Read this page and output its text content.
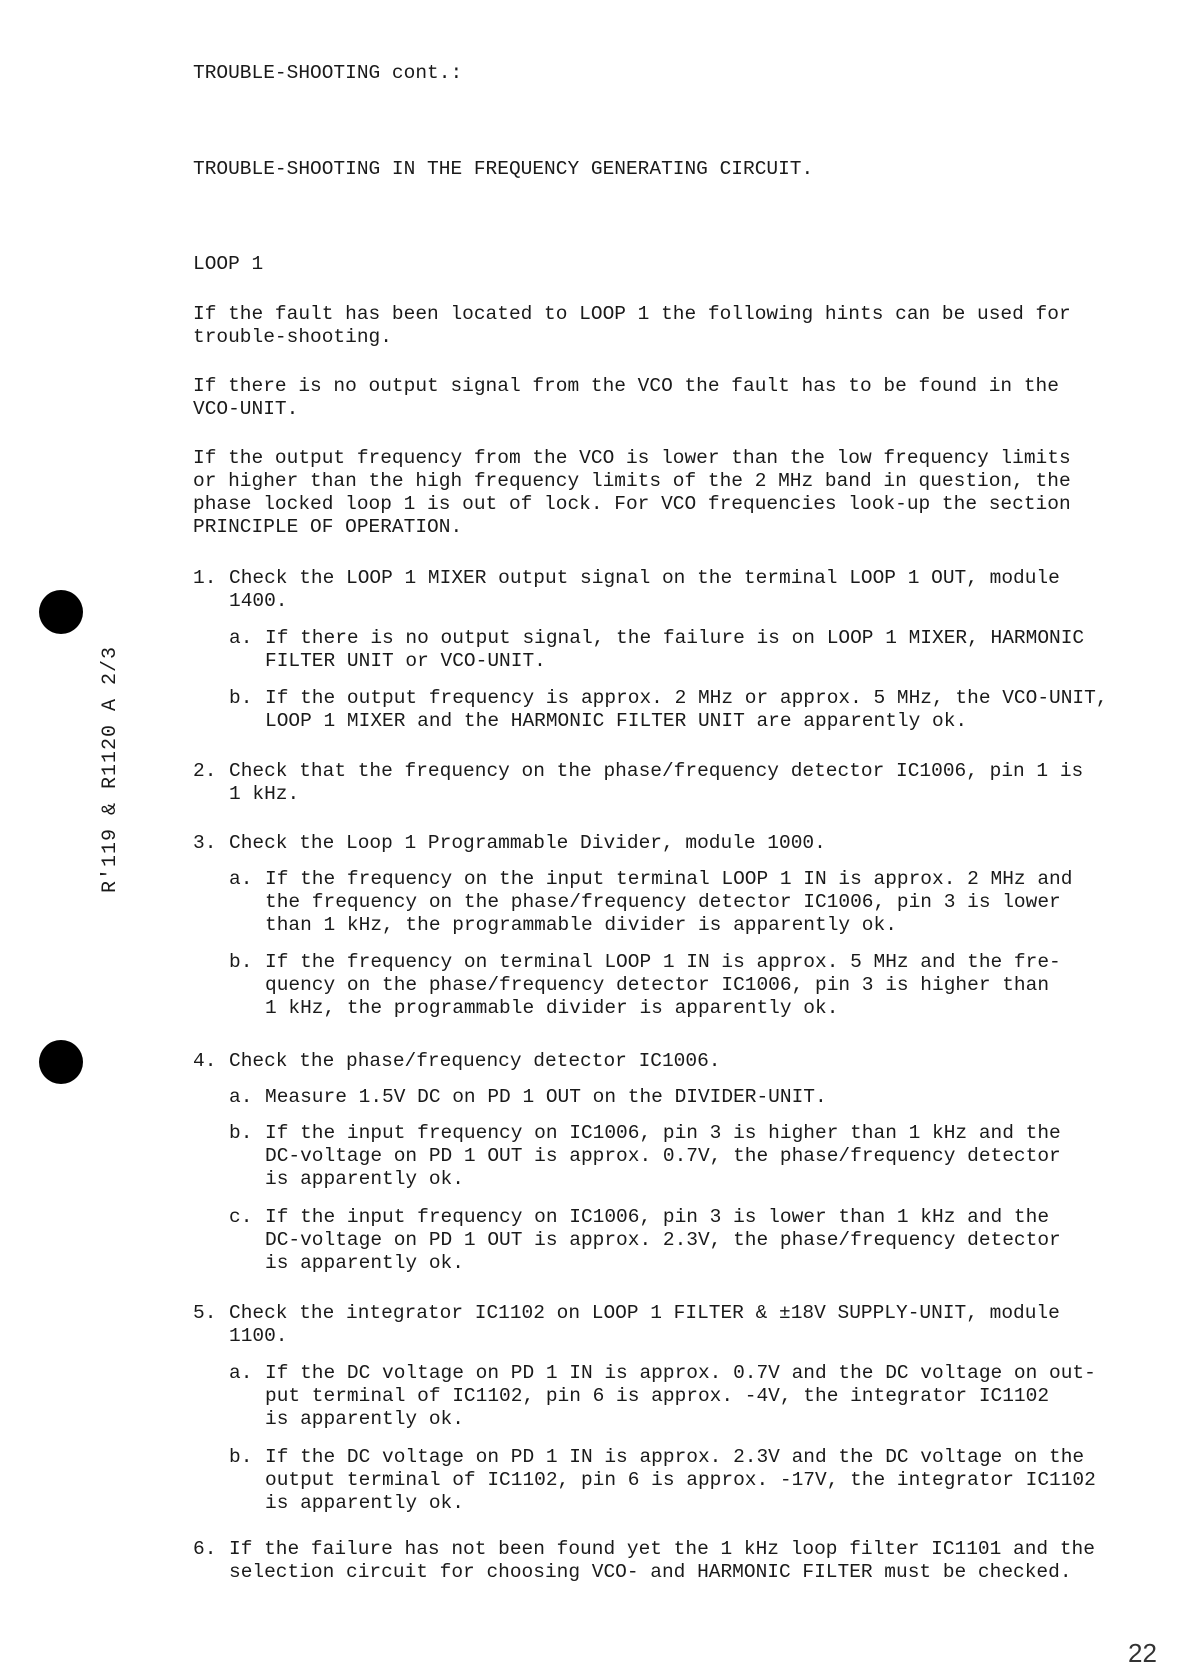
R'119 & R1120 A 2/3
TROUBLE-SHOOTING cont.:
TROUBLE-SHOOTING IN THE FREQUENCY GENERATING CIRCUIT.
LOOP 1
If the fault has been located to LOOP 1 the following hints can be used for
trouble-shooting.
If there is no output signal from the VCO the fault has to be found in the
VCO-UNIT.
If the output frequency from the VCO is lower than the low frequency limits
or higher than the high frequency limits of the 2 MHz band in question, the
phase locked loop 1 is out of lock. For VCO frequencies look-up the section
PRINCIPLE OF OPERATION.
1. Check the LOOP 1 MIXER output signal on the terminal LOOP 1 OUT, module
1400.
a. If there is no output signal, the failure is on LOOP 1 MIXER, HARMONIC
FILTER UNIT or VCO-UNIT.
b. If the output frequency is approx. 2 MHz or approx. 5 MHz, the VCO-UNIT,
LOOP 1 MIXER and the HARMONIC FILTER UNIT are apparently ok.
2. Check that the frequency on the phase/frequency detector IC1006, pin 1 is
1 kHz.
3. Check the Loop 1 Programmable Divider, module 1000.
a. If the frequency on the input terminal LOOP 1 IN is approx. 2 MHz and
the frequency on the phase/frequency detector IC1006, pin 3 is lower
than 1 kHz, the programmable divider is apparently ok.
b. If the frequency on terminal LOOP 1 IN is approx. 5 MHz and the fre-
quency on the phase/frequency detector IC1006, pin 3 is higher than
1 kHz, the programmable divider is apparently ok.
4. Check the phase/frequency detector IC1006.
a. Measure 1.5V DC on PD 1 OUT on the DIVIDER-UNIT.
b. If the input frequency on IC1006, pin 3 is higher than 1 kHz and the
DC-voltage on PD 1 OUT is approx. 0.7V, the phase/frequency detector
is apparently ok.
c. If the input frequency on IC1006, pin 3 is lower than 1 kHz and the
DC-voltage on PD 1 OUT is approx. 2.3V, the phase/frequency detector
is apparently ok.
5. Check the integrator IC1102 on LOOP 1 FILTER & ±18V SUPPLY-UNIT, module
1100.
a. If the DC voltage on PD 1 IN is approx. 0.7V and the DC voltage on out-
put terminal of IC1102, pin 6 is approx. -4V, the integrator IC1102
is apparently ok.
b. If the DC voltage on PD 1 IN is approx. 2.3V and the DC voltage on the
output terminal of IC1102, pin 6 is approx. -17V, the integrator IC1102
is apparently ok.
6. If the failure has not been found yet the 1 kHz loop filter IC1101 and the
selection circuit for choosing VCO- and HARMONIC FILTER must be checked.
22
